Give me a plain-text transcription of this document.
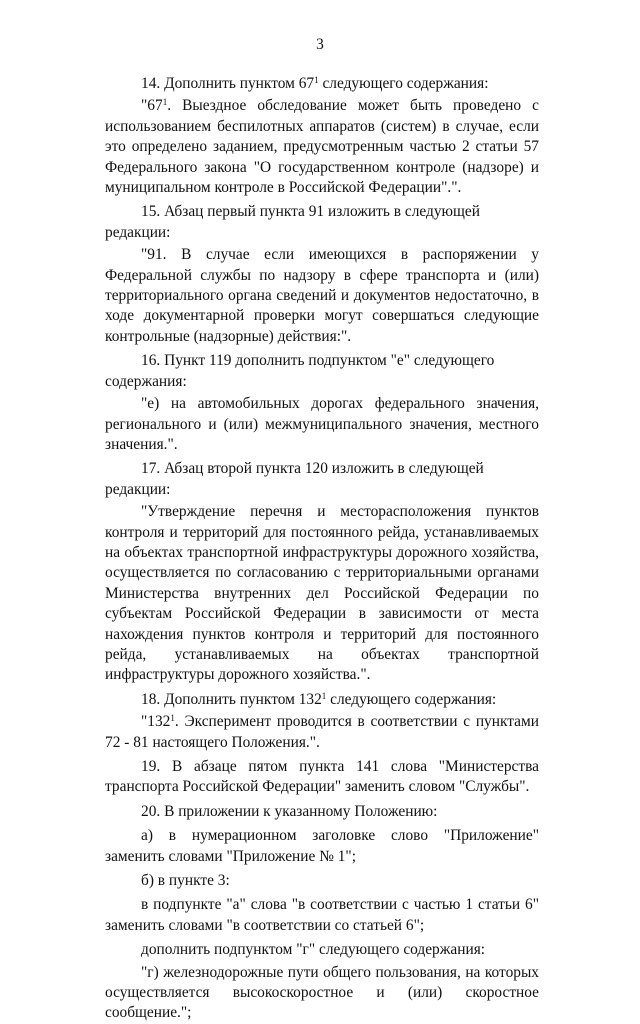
3

14. Дополнить пунктом $67^1$ следующего содержания:

"$67^1$. Выездное обследование может быть проведено с использованием беспилотных аппаратов (систем) в случае, если это определено заданием, предусмотренным частью 2 статьи 57 Федерального закона "О государственном контроле (надзоре) и муниципальном контроле в Российской Федерации".".

15. Абзац первый пункта 91 изложить в следующей редакции:

"91. В случае если имеющихся в распоряжении у Федеральной службы по надзору в сфере транспорта и (или) территориального органа сведений и документов недостаточно, в ходе документарной проверки могут совершаться следующие контрольные (надзорные) действия:".

16. Пункт 119 дополнить подпунктом "е" следующего содержания:

"е) на автомобильных дорогах федерального значения, регионального и (или) межмуниципального значения, местного значения.".

17. Абзац второй пункта 120 изложить в следующей редакции:

"Утверждение перечня и месторасположения пунктов контроля и территорий для постоянного рейда, устанавливаемых на объектах транспортной инфраструктуры дорожного хозяйства, осуществляется по согласованию с территориальными органами Министерства внутренних дел Российской Федерации по субъектам Российской Федерации в зависимости от места нахождения пунктов контроля и территорий для постоянного рейда, устанавливаемых на объектах транспортной инфраструктуры дорожного хозяйства.".

18. Дополнить пунктом $132^1$ следующего содержания:

"$132^1$. Эксперимент проводится в соответствии с пунктами 72 - 81 настоящего Положения.".

19. В абзаце пятом пункта 141 слова "Министерства транспорта Российской Федерации" заменить словом "Службы".

20. В приложении к указанному Положению:

а) в нумерационном заголовке слово "Приложение" заменить словами "Приложение № 1";

б) в пункте 3:

в подпункте "а" слова "в соответствии с частью 1 статьи 6" заменить словами "в соответствии со статьей 6";

дополнить подпунктом "г" следующего содержания:

"г) железнодорожные пути общего пользования, на которых осуществляется высокоскоростное и (или) скоростное сообщение.";
